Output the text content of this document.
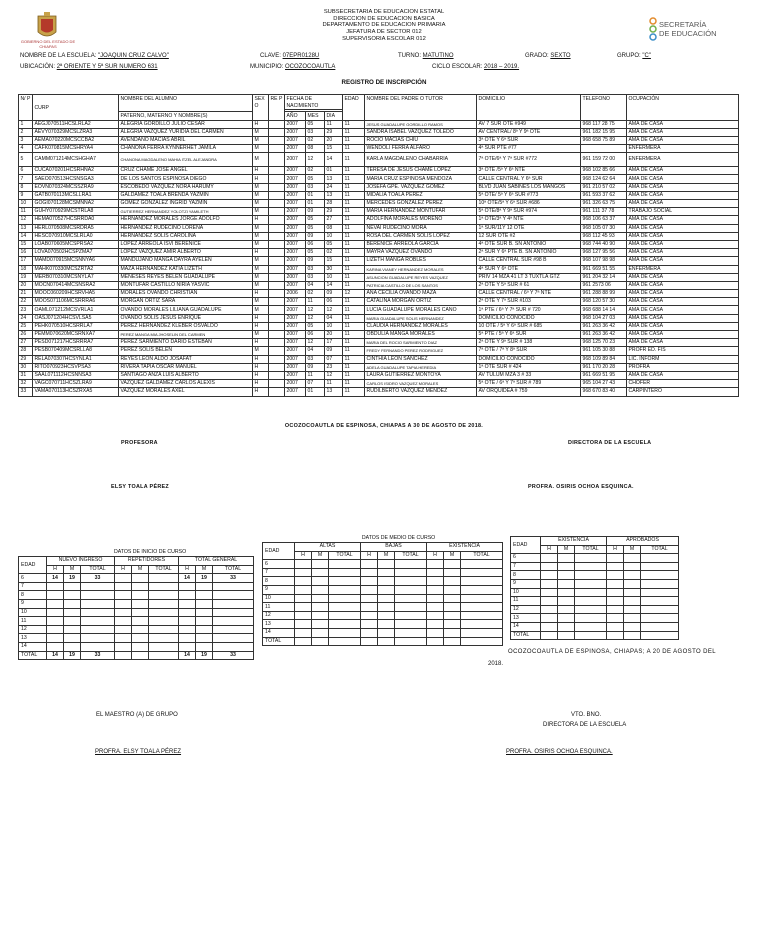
GOBIERNO DEL ESTADO DE CHIAPAS
SUBSECRETARIA DE EDUCACION ESTATAL
DIRECCION DE EDUCACION BASICA
DEPARTAMENTO DE EDUCACION PRIMARIA
JEFATURA DE SECTOR 012
SUPERVISORIA ESCOLAR 012
SECRETARÍA
DE EDUCACIÓN
NOMBRE DE LA ESCUELA: "JOAQUIN CRUZ CALVO"	CLAVE: 07EPR0128U	TURNO: MATUTINO	GRADO: SEXTO	GRUPO: "C"
UBICACIÓN: 2ª ORIENTE Y 5ª SUR NUMERO 631	MUNICIPIO: OCOZOCOAUTLA	CICLO ESCOLAR: 2018 – 2019.
REGISTRO DE INSCRIPCIÓN
N/ P	CURP	NOMBRE DEL ALUMNO	SEX O	RE P	FECHA DE NACIMIENTO			EDAD	NOMBRE DEL PADRE O TUTOR	DOMICILIO	TELEFONO	OCUPACIÓN

		PATERNO, MATERNO Y NOMBRE(S)			AÑO	MES	DIA					
1	AEGJ070511HCSLRLA2	ALEGRIA GORDILLO JULIO CESAR	H		2007	05	11	11	JESUS GUADALUPE GORDILLO RAMOS	AV 7 SUR OTE #949	968 117 28 75	AMA DE CASA
2	AEVY070329MCSLZRA3	ALEGRIA VAZQUEZ YURIDIA DEL CARMEN	M		2007	03	29	11	SANDRA ISABEL VAZQUEZ TOLEDO	AV CENTRAL/ 8ª Y 9ª OTE	961 182 15 95	AMA DE CASA
3	AEMA070220MCSCCBA2	AVENDAÑO MACIAS ABRIL	M		2007	02	20	11	ROCIO MACIAS CHIU	3ª OTE Y 6ª SUR	968 658 75 89	AMA DE CASA
4	CAFK070815MCSHRYA4	CHANONA FERRA KYNNERHET JAMILA	M		2007	08	15	11	WENDOLI FERRA ALFARO	4ª SUR PTE #77		ENFERMERA
5	CAMM071214MCSHGHA7	CHANONA MAGDALENO MAHIA ITZEL ALEJANDRA	M		2007	12	14	11	KARLA MAGDALENO CHABARRIA	7ª OTE/6ª Y 7ª SUR #772	961 159 72 00	ENFERMERA
6	CUCA070201HCSRHNA2	CRUZ CHAME JOSE ANGEL	H		2007	02	01	11	TERESA DE JESUS CHAME LOPEZ	3ª OTE /5ª Y 6ª NTE	968 102 85 66	AMA DE CASA
7	SAEO070513HCSNSGA3	DE LOS SANTOS ESPINOSA DIEGO	H		2007	05	13	11	MARIA CRUZ ESPINOSA MENDOZA	CALLE CENTRAL Y 6ª SUR	968 124 62 64	AMA DE CASA
8	EOVN070324MCSSZRA9	ESCOBEDO VAZQUEZ NORA HARUMY	M		2007	03	24	11	JOSEFA GPE. VAZQUEZ GOMEZ	BLVD JUAN SABINES LOS MANGOS	961 210 57 02	AMA DE CASA
9	GATB070113MCSLLRA1	GALDAMEZ TOALA BRENDA YAZMIN	M		2007	01	13	11	MIDALIA TOALA PEREZ	5ª OTE/ 5ª Y 6ª SUR #773	961 593 37 62	AMA DE CASA
10	GOGI070128MCSMNNA2	GOMEZ GONZALEZ INGRID YAZMIN	M		2007	01	28	11	MERCEDES GONZALEZ PEREZ	10ª OTE/5ª Y 6ª SUR #686	961 326 63 75	AMA DE CASA
11	GUHY070929MCSTRLA8	GUTIERREZ HERNANDEZ YOLOTZI YAMILETH	M		2007	09	29	11	MARIA HERNANDEZ MONTUFAR	5ª OTE/8ª Y 9ª SUR #974	961 111 37 78	TRABAJO SOCIAL
12	HEMA070527HCSRRDA0	HERNANDEZ MORALES JORGE ADOLFO	H		2007	05	27	11	ADOLFINA MORALES MORENO	1ª OTE/3ª Y 4ª NTE	968 106 63 37	AMA DE CASA
13	HERL070508MCSRDRA5	HERNANDEZ RUDECINO LORENA	M		2007	05	08	11	NEVAI RUDECINO MORA	1ª SUR/11Y 12 OTE	968 105 07 30	AMA DE CASA
14	HESC070910MCSLRLA0	HERNANDEZ SOLIS CAROLINA	M		2007	09	10	11	ROSA DEL CARMEN SOLIS LOPEZ	12 SUR OTE #2	968 112 45 93	AMA DE CASA
15	LOAB070605MCSPRSA2	LOPEZ ARREOLA ISVI BERENICE	M		2007	06	05	11	BERENICE ARREOLA GARCIA	4ª OTE SUR B. SN ANTONIO	968 744 40 90	AMA DE CASA
16	LOVA070502HCSPZMA7	LOPEZ VAZQUEZ AMIR ALBERTO	H		2007	05	02	11	MAYRA VAZQUEZ OVANDO	2ª SUR Y 6ª PTE B. SN ANTONIO	968 127 95 56	AMA DE CASA
17	MAMD070915MCSNNYA6	MANDUJANO MANGA DAYRA AYELEN	M		2007	09	15	11	LIZETH MANGA ROBLES	CALLE CENTRAL SUR #98 B	968 107 98 98	AMA DE CASA
18	MAHK070330MCSZRTA2	MAZA HERNANDEZ KATIA LIZETH	M		2007	03	30	11	KARINA VIANEY HERNANDEZ MORALES	4ª SUR Y 6ª OTE	961 669 51 55	ENFERMERA
19	MERB070310MCSNYLA7	MENESES REYES BELEN GUADALUPE	M		2007	03	10	11	ASUNCION GUADALUPE REYES VAZQUEZ	PRIV 14 MZA 41 LT 3 TUXTLA GTZ	961 204 32 14	AMA DE CASA
20	MOCN070414MCSNSRA2	MONTUFAR CASTILLO NIRIA YASVIC	M		2007	04	14	11	PATRICIA CASTILLO DE LOS SANTOS	2ª OTE Y 5ª SUR # 61	961 2573 06	AMA DE CASA
21	MOOC060209HCSRVHA5	MORALES OVANDO CHRISTIAN	H		2006	02	09	12	ANA CECILIA OVANDO MAZA	CALLE CENTRAL / 6ª Y 7ª NTE	961 288 88 99	AMA DE CASA
22	MOOS071106MCSRRRA6	MORGAN ORTIZ SARA	M		2007	11	06	11	CATALINA MORGAN ORTIZ	2ª OTE Y 7ª SUR #103	968 120 57 30	AMA DE CASA
23	OAML071212MCSVRLA1	OVANDO MORALES LILIANA GUADALUPE	M		2007	12	12	11	LUCIA GUADALUPE MORALES CANO	1ª PTE / 6ª Y 7ª SUR # 720	968 688 14 14	AMA DE CASA
24	OASJ071204HCSVLSA5	OVANDO SOLIS JESUS ENRIQUE	H		2007	12	04	11	MARIA GUADALUPE SOLIS HERNANDEZ	DOMICILIO CONOCIDO	968 104 27 03	AMA DE CASA
25	PEHK070510HCSRRLA7	PEREZ HERNANDEZ KLEBER OSVALDO	H		2007	05	10	11	CLAUDIA HERNANDEZ MORALES	10 OTE / 5ª Y 6ª SUR # 685	961 263 36 42	AMA DE CASA
26	PEMM070620MCSRNXA7	PEREZ MANGA MIA JHOSELIN DEL CARMEN	M		2007	06	20	11	OBDULIA MANGA MORALES	5ª PTE / 5ª Y 6ª SUR	961 263 36 42	AMA DE CASA
27	PESD071217HCSRRRA7	PEREZ SARMIENTO DARIO ESTEBAN	H		2007	12	17	11	MARIA DEL ROCIO SARMIENTO DIAZ	2ª OTE Y 9ª SUR # 138	968 125 70 23	AMA DE CASA
28	PESB070409MCSRLLA8	PEREZ SOLIS BELEN	M		2007	04	09	11	FREDY FERNANDO PEREZ RODRIGUEZ	7ª OTE / 7ª Y 8ª SUR	961 105 30 88	PROFR ED. FIS
29	RELA070307HCSYNLA1	REYES LEON ALDO JOSAFAT	H		2007	03	07	11	CINTHIA LEON SANCHEZ	DOMICILIO CONOCIDO	968 109 89 84	LIC. INFORM
30	RITO070923HCSVPSA3	RIVERA TAPIA OSCAR MANUEL	H		2007	09	23	11	ADELA GUADALUPE TAPIA HEREDIA	1ª OTE SUR # 424	961 170 20 28	PROFRA
31	SAAL071112HCSNNSA3	SANTIAGO ANZA LUIS ALBERTO	H		2007	11	12	11	LAURA GUTIERREZ MONTOYA	AV TULUM MZA 3 # 33	961 669 51 95	AMA DE CASA
32	VAGC070711HCSZLRA9	VAZQUEZ GALDAMEZ CARLOS ALEXIS	H		2007	07	11	11	CARLOS ISIDRO VAZQUEZ MORALES	5ª OTE / 6ª Y 7ª SUR # 789	965 104 27 43	CHOFER
33	VAMA070113HCSZRXA5	VAZQUEZ MORALES AXEL	H		2007	01	13	11	RUDILBERTO VAZQUEZ MENDEZ	AV ORQUIDEA # 759	968 670 83 40	CARPINTERO
OCOZOCOAUTLA DE ESPINOSA, CHIAPAS A 30 DE AGOSTO DE 2018.
PROFESORA	DIRECTORA DE LA ESCUELA
ELSY TOALA PÉREZ	PROFRA. OSIRIS OCHOA ESQUINCA.
	DATOS DE INICIO DE CURSO								
EDAD	NUEVO INGRESO			REPETIDORES			TOTAL GENERAL		
	H	M	TOTAL	H	M	TOTAL	H	M	TOTAL
6	14	19	33				14	19	33
7									
8									
9									
10									
11									
12									
13									
14									
TOTAL	14	19	33				14	19	33
	DATOS DE MEDIO DE CURSO								
EDAD	ALTAS			BAJAS			EXISTENCIA		
	H	M	TOTAL	H	M	TOTAL	H	M	TOTAL
6									
7									
8									
9									
10									
11									
12									
13									
14									
TOTAL									
EDAD	EXISTENCIA			APROBADOS		
	H	M	TOTAL	H	M	TOTAL
6						
7						
8						
9						
10						
11						
12						
13						
14						
TOTAL						
OCOZOCOAUTLA DE ESPINOSA, CHIAPAS; A 20 DE AGOSTO DEL
2018.
EL MAESTRO (A) DE GRUPO	VTO. BNO.
DIRECTORA DE LA ESCUELA
PROFRA. ELSY TOALA PÉREZ	PROFRA. OSIRIS OCHOA ESQUINCA.
